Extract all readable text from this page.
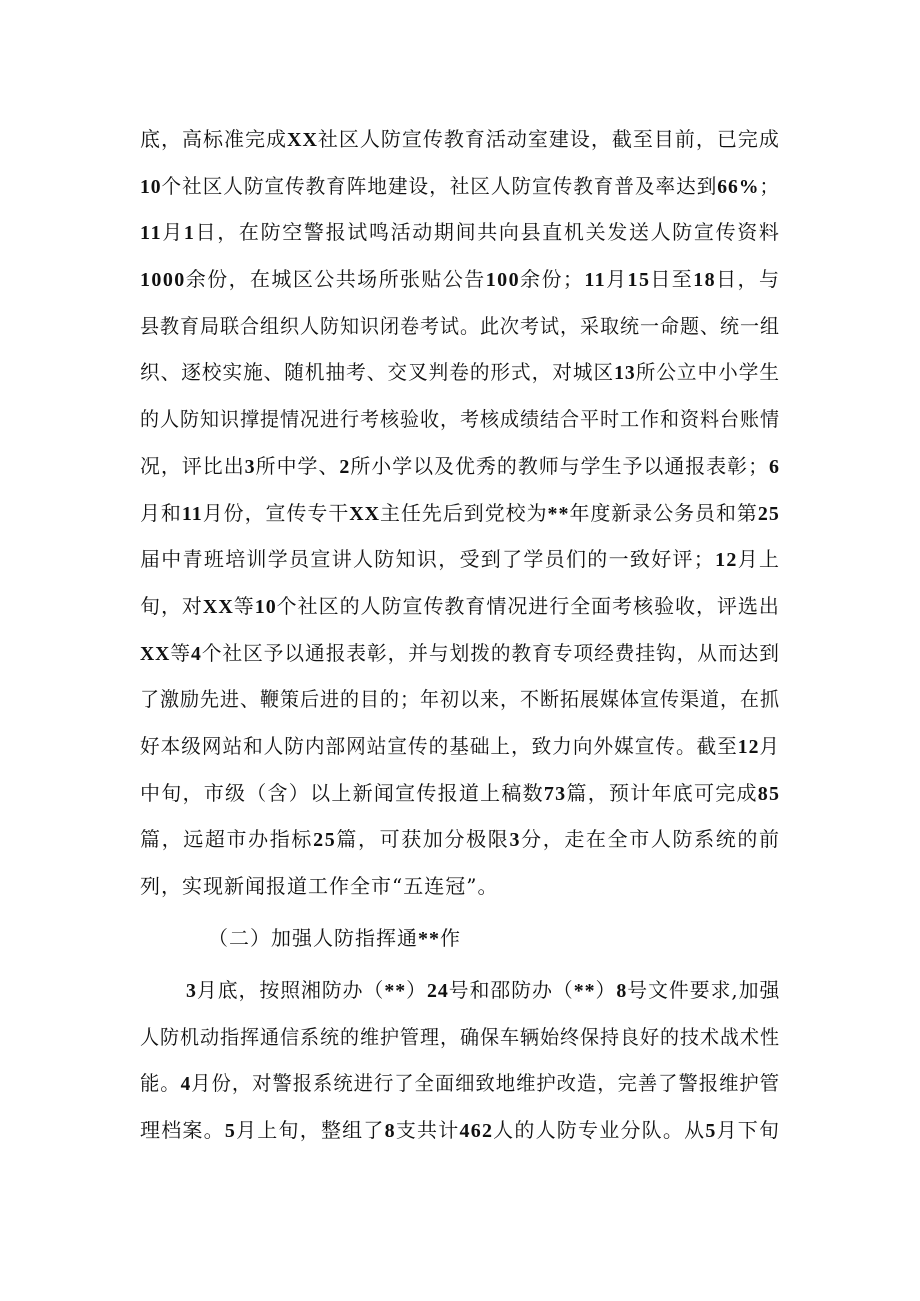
底，高标准完成XX社区人防宣传教育活动室建设，截至目前，已完成
10个社区人防宣传教育阵地建设，社区人防宣传教育普及率达到66%；
11月1日，在防空警报试鸣活动期间共向县直机关发送人防宣传资料
1000余份，在城区公共场所张贴公告100余份；11月15日至18日，与
县教育局联合组织人防知识闭卷考试。此次考试，采取统一命题、统一组
织、逐校实施、随机抽考、交叉判卷的形式，对城区13所公立中小学生
的人防知识撑提情况进行考核验收，考核成绩结合平时工作和资料台账情
况，评比出3所中学、2所小学以及优秀的教师与学生予以通报表彰；6
月和11月份，宣传专干XX主任先后到党校为**年度新录公务员和第25
届中青班培训学员宣讲人防知识，受到了学员们的一致好评；12月上
旬，对XX等10个社区的人防宣传教育情况进行全面考核验收，评选出
XX等4个社区予以通报表彰，并与划拨的教育专项经费挂钩，从而达到
了激励先进、鞭策后进的目的；年初以来，不断拓展媒体宣传渠道，在抓
好本级网站和人防内部网站宣传的基础上，致力向外媒宣传。截至12月
中旬，市级（含）以上新闻宣传报道上稿数73篇，预计年底可完成85
篇，远超市办指标25篇，可获加分极限3分，走在全市人防系统的前
列，实现新闻报道工作全市“五连冠”。
（二）加强人防指挥通**作
3月底，按照湘防办（**）24号和邵防办（**）8号文件要求,加强
人防机动指挥通信系统的维护管理，确保车辆始终保持良好的技术战术性
能。4月份，对警报系统进行了全面细致地维护改造，完善了警报维护管
理档案。5月上旬，整组了8支共计462人的人防专业分队。从5月下旬
